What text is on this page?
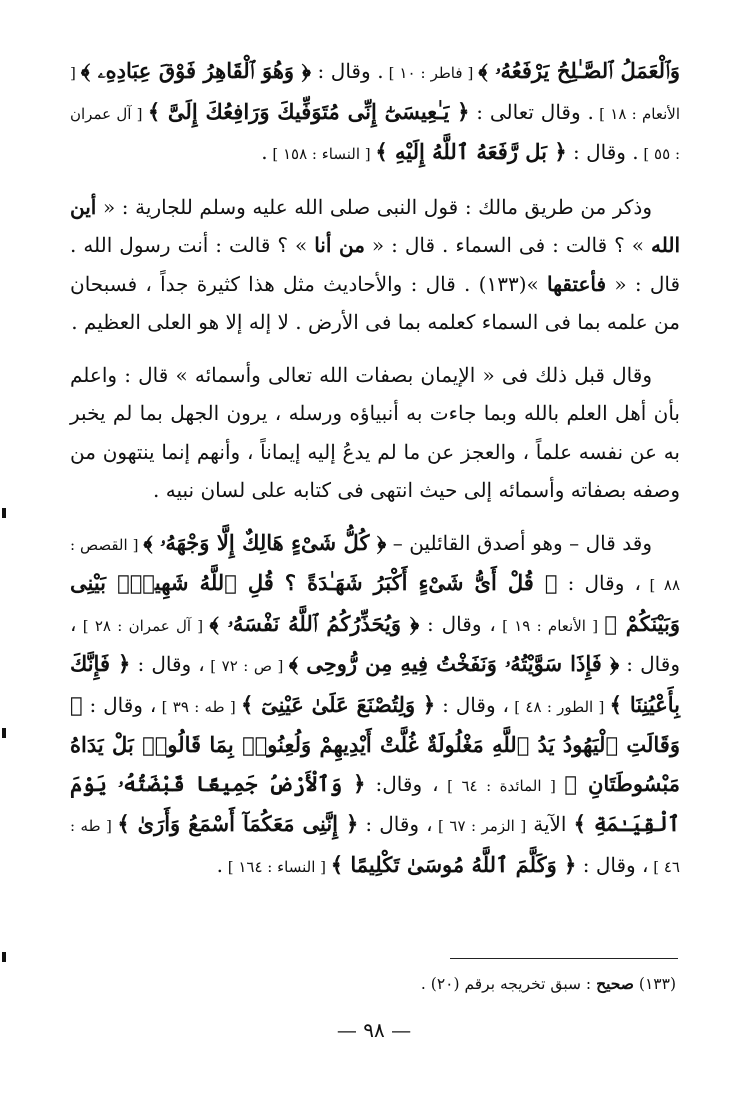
وَٱلْعَمَلُ ٱلصَّـٰلِحُ يَرْفَعُهُۥ ﴾ [ فاطر : ١٠ ] . وقال : ﴿ وَهُوَ ٱلْقَاهِرُ فَوْقَ عِبَادِهِۦ ﴾ [ الأنعام : ١٨ ] . وقال تعالى : ﴿ يَـٰعِيسَىٰٓ إِنِّى مُتَوَفِّيكَ وَرَافِعُكَ إِلَىَّ ﴾ [ آل عمران : ٥٥ ] . وقال : ﴿ بَل رَّفَعَهُ ٱللَّهُ إِلَيْهِ ﴾ [ النساء : ١٥٨ ] .

وذكر من طريق مالك : قول النبى صلى الله عليه وسلم للجارية : « أين الله » ؟ قالت : فى السماء . قال : « من أنا » ؟ قالت : أنت رسول الله . قال : « فأعتقها »(١٣٣) . قال : والأحاديث مثل هذا كثيرة جداً ، فسبحان من علمه بما فى السماء كعلمه بما فى الأرض . لا إله إلا هو العلى العظيم .

وقال قبل ذلك فى « الإيمان بصفات الله تعالى وأسمائه » قال : واعلم بأن أهل العلم بالله وبما جاءت به أنبياؤه ورسله ، يرون الجهل بما لم يخبر به عن نفسه علماً ، والعجز عن ما لم يدعُ إليه إيماناً ، وأنهم إنما ينتهون من وصفه بصفاته وأسمائه إلى حيث انتهى فى كتابه على لسان نبيه .

وقد قال – وهو أصدق القائلين – ﴿ كُلُّ شَىْءٍ هَالِكٌ إِلَّا وَجْهَهُۥ ﴾ [ القصص : ٨٨ ] ، وقال : ﴿ قُلْ أَىُّ شَىْءٍ أَكْبَرُ شَهَـٰدَةً ؟ قُلِ ٱللَّهُ شَهِيدٌۢ بَيْنِى وَبَيْنَكُمْ ﴾ [ الأنعام : ١٩ ] ، وقال : ﴿ وَيُحَذِّرُكُمُ ٱللَّهُ نَفْسَهُۥ ﴾ [ آل عمران : ٢٨ ] ، وقال : ﴿ فَإِذَا سَوَّيْتُهُۥ وَنَفَخْتُ فِيهِ مِن رُّوحِى ﴾ [ ص : ٧٢ ] ، وقال : ﴿ فَإِنَّكَ بِأَعْيُنِنَا ﴾ [ الطور : ٤٨ ] ، وقال : ﴿ وَلِتُصْنَعَ عَلَىٰ عَيْنِىٓ ﴾ [ طه : ٣٩ ] ، وقال : ﴿ وَقَالَتِ ٱلْيَهُودُ يَدُ ٱللَّهِ مَغْلُولَةٌ غُلَّتْ أَيْدِيهِمْ وَلُعِنُوا۟ بِمَا قَالُوا۟ بَلْ يَدَاهُ مَبْسُوطَتَانِ ﴾ [ المائدة : ٦٤ ] ، وقال: ﴿ وَٱلْأَرْضُ جَمِيعًا قَبْضَتُهُۥ يَوْمَ ٱلْقِيَـٰمَةِ ﴾ الآية [ الزمر : ٦٧ ] ، وقال : ﴿ إِنَّنِى مَعَكُمَآ أَسْمَعُ وَأَرَىٰ ﴾ [ طه : ٤٦ ] ، وقال : ﴿ وَكَلَّمَ ٱللَّهُ مُوسَىٰ تَكْلِيمًا ﴾ [ النساء : ١٦٤ ] .

(١٣٣) صحيح : سبق تخريجه برقم (٢٠) .
— ٩٨ —
